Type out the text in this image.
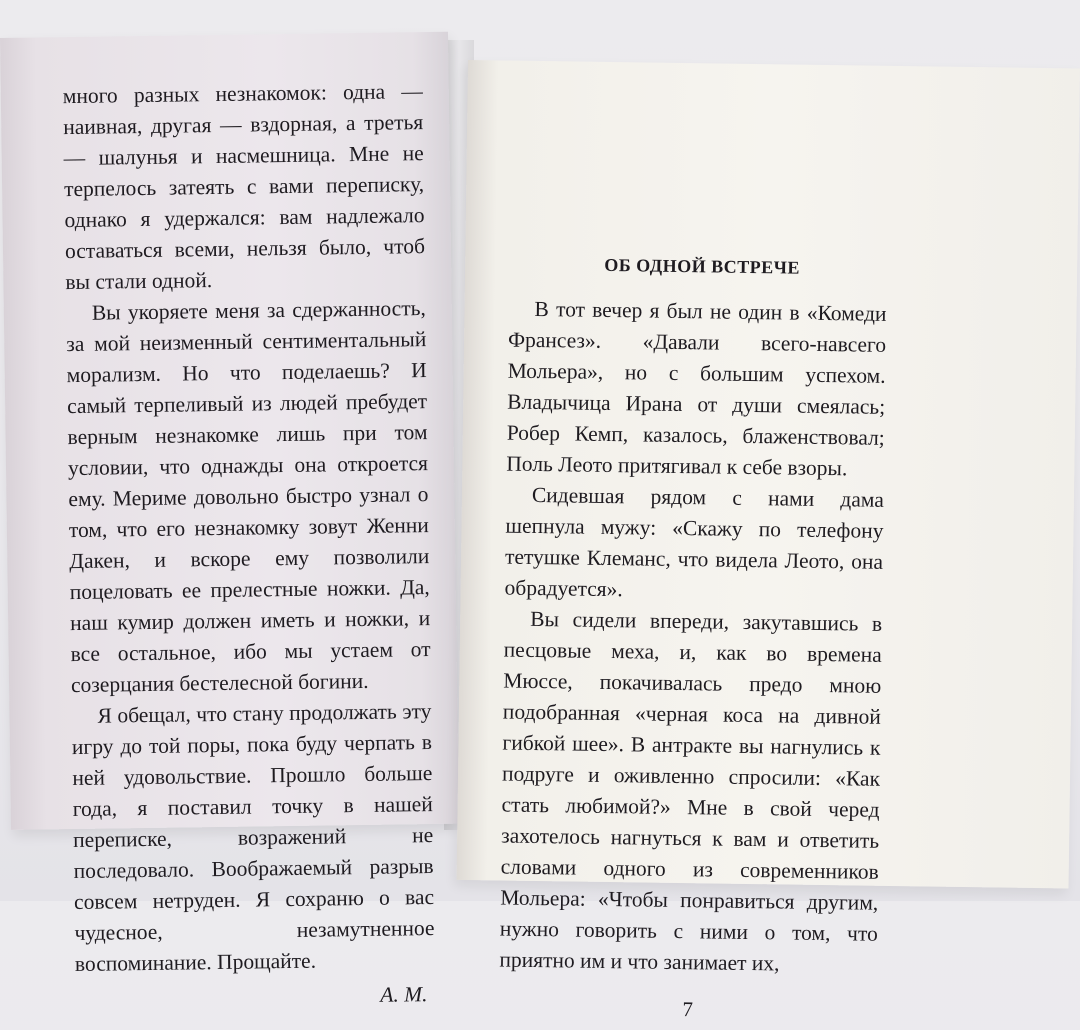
много разных незнакомок: одна — наивная, другая — вздорная, а третья — шалунья и насмешница. Мне не терпелось затеять с вами переписку, однако я удержался: вам надлежало оставаться всеми, нельзя было, чтоб вы стали одной.

Вы укоряете меня за сдержанность, за мой неизменный сентиментальный морализм. Но что поделаешь? И самый терпеливый из людей пребудет верным незнакомке лишь при том условии, что однажды она откроется ему. Мериме довольно быстро узнал о том, что его незнакомку зовут Женни Дакен, и вскоре ему позволили поцеловать ее прелестные ножки. Да, наш кумир должен иметь и ножки, и все остальное, ибо мы устаем от созерцания бестелесной богини.

Я обещал, что стану продолжать эту игру до той поры, пока буду черпать в ней удовольствие. Прошло больше года, я поставил точку в нашей переписке, возражений не последовало. Воображаемый разрыв совсем нетруден. Я сохраню о вас чудесное, незамутненное воспоминание. Прощайте.

А. М.
ОБ ОДНОЙ ВСТРЕЧЕ

В тот вечер я был не один в «Комеди Франсез». «Давали всего-навсего Мольера», но с большим успехом. Владычица Ирана от души смеялась; Робер Кемп, казалось, блаженствовал; Поль Леото притягивал к себе взоры.

Сидевшая рядом с нами дама шепнула мужу: «Скажу по телефону тетушке Клеманс, что видела Леото, она обрадуется».

Вы сидели впереди, закутавшись в песцовые меха, и, как во времена Мюссе, покачивалась предо мною подобранная «черная коса на дивной гибкой шее». В антракте вы нагнулись к подруге и оживленно спросили: «Как стать любимой?» Мне в свой черед захотелось нагнуться к вам и ответить словами одного из современников Мольера: «Чтобы понравиться другим, нужно говорить с ними о том, что приятно им и что занимает их,

7
